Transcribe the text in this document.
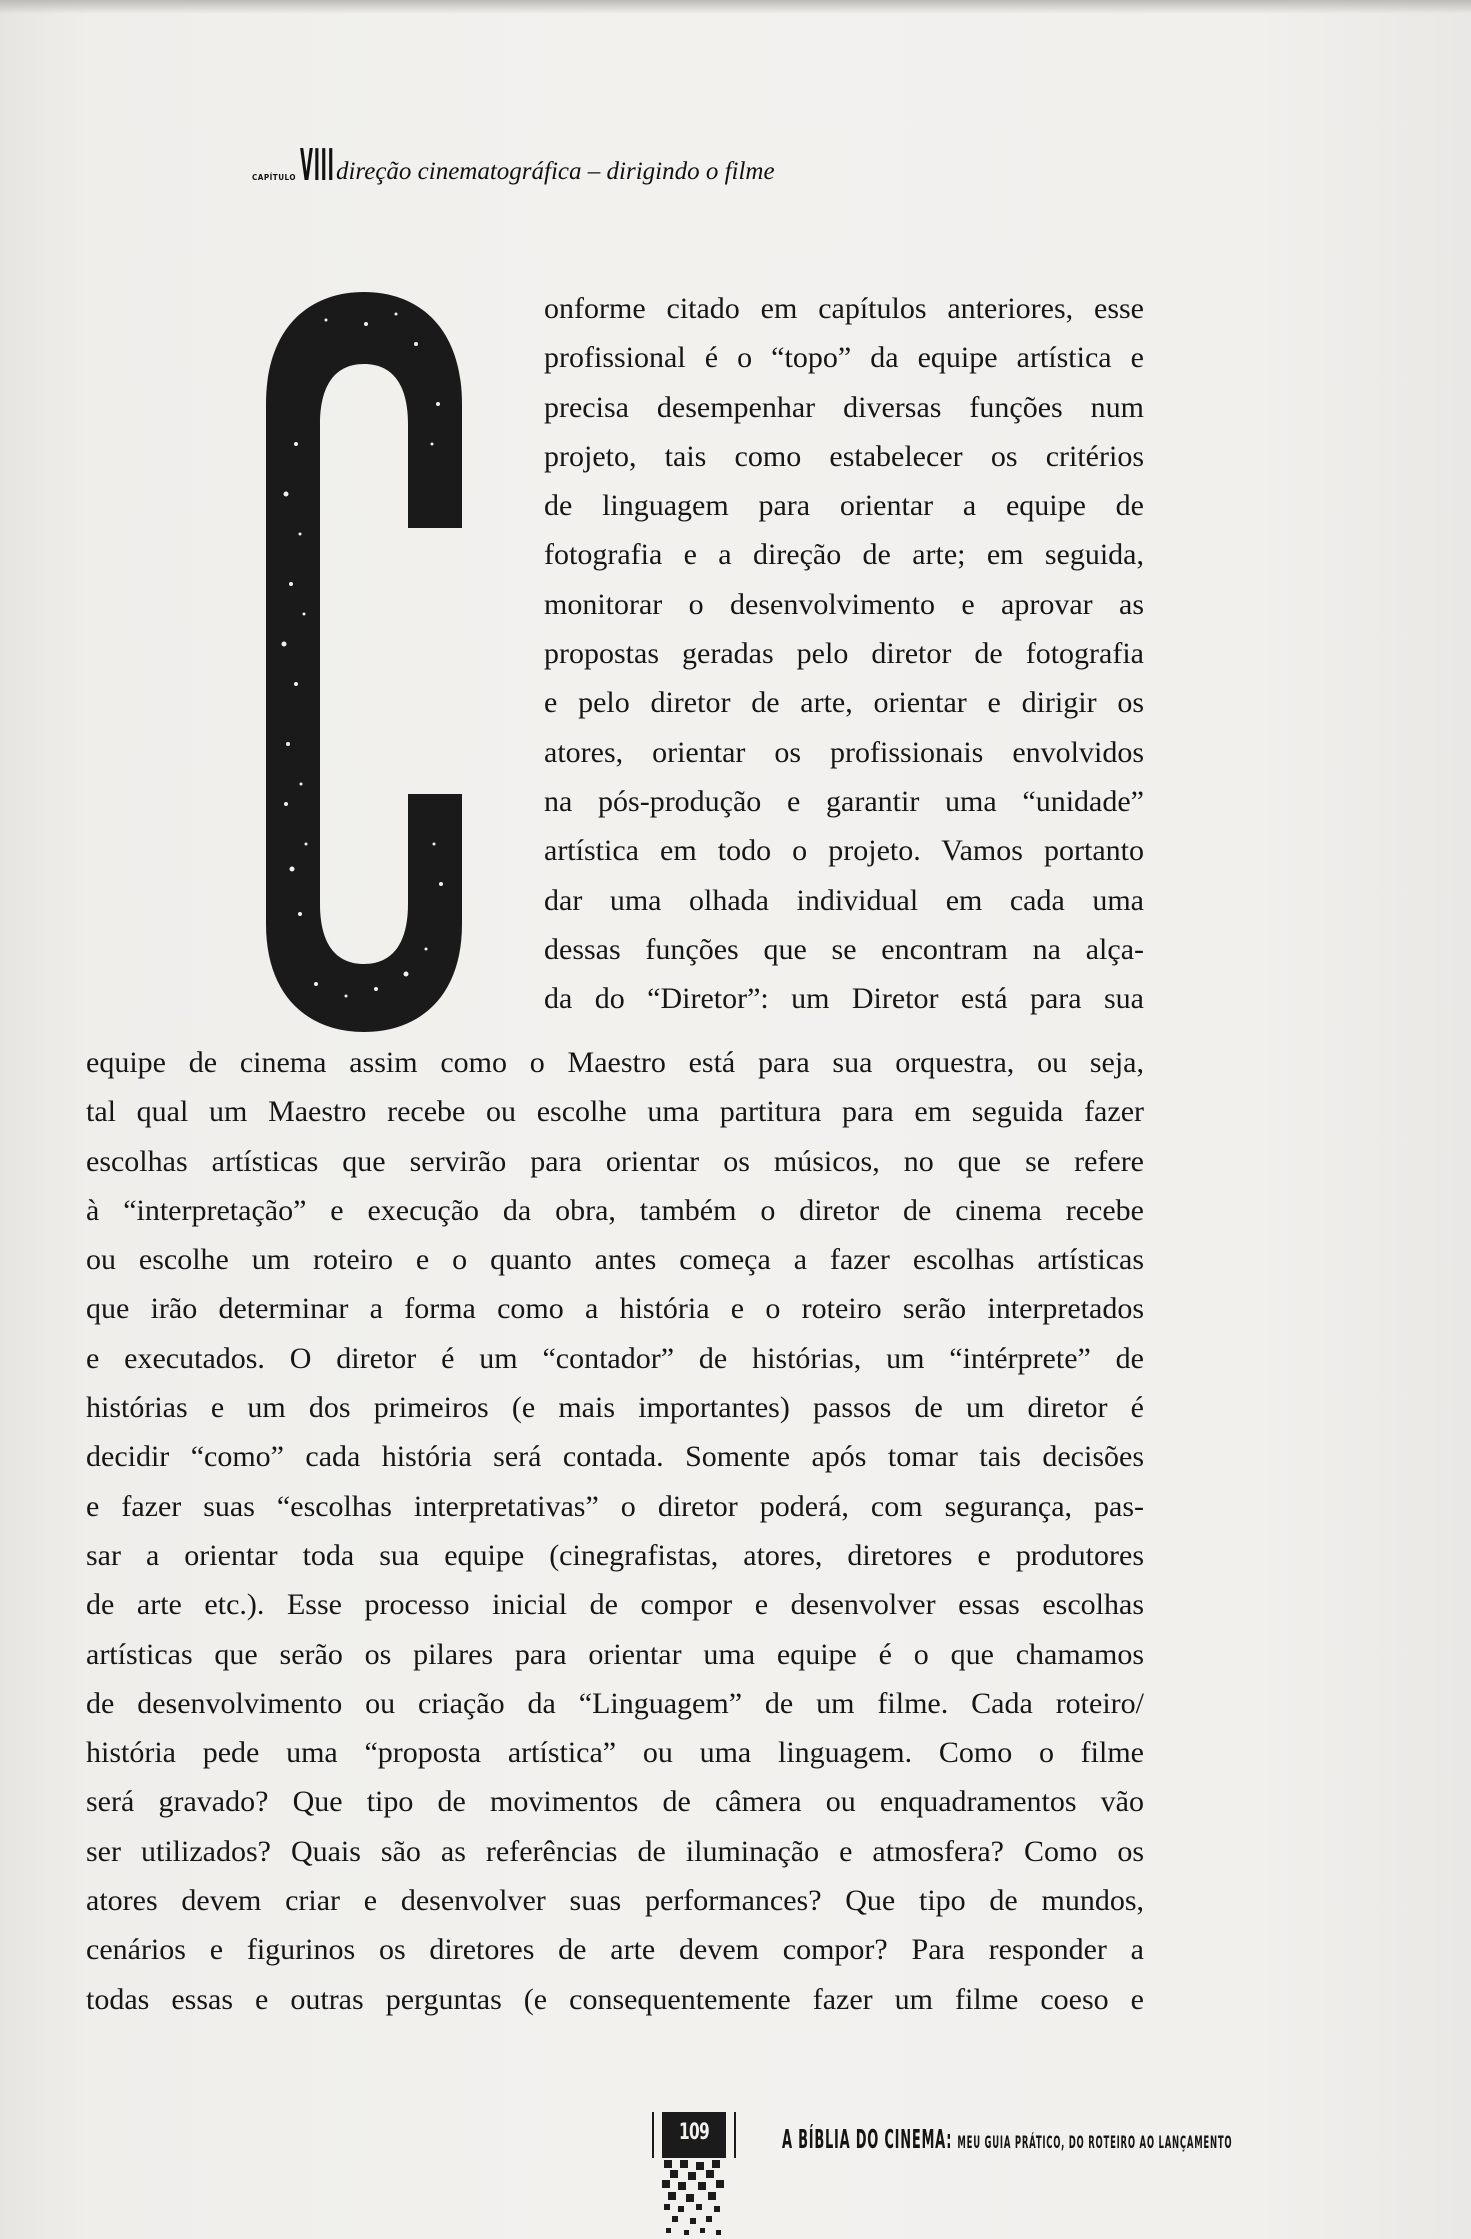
CAPÍTULO VIII direção cinematográfica – dirigindo o filme
onforme citado em capítulos anteriores, esse
profissional é o “topo” da equipe artística e
precisa desempenhar diversas funções num
projeto, tais como estabelecer os critérios
de linguagem para orientar a equipe de
fotografia e a direção de arte; em seguida,
monitorar o desenvolvimento e aprovar as
propostas geradas pelo diretor de fotografia
e pelo diretor de arte, orientar e dirigir os
atores, orientar os profissionais envolvidos
na pós-produção e garantir uma “unidade”
artística em todo o projeto. Vamos portanto
dar uma olhada individual em cada uma
dessas funções que se encontram na alça-
da do “Diretor”: um Diretor está para sua
equipe de cinema assim como o Maestro está para sua orquestra, ou seja,
tal qual um Maestro recebe ou escolhe uma partitura para em seguida fazer
escolhas artísticas que servirão para orientar os músicos, no que se refere
à “interpretação” e execução da obra, também o diretor de cinema recebe
ou escolhe um roteiro e o quanto antes começa a fazer escolhas artísticas
que irão determinar a forma como a história e o roteiro serão interpretados
e executados. O diretor é um “contador” de histórias, um “intérprete” de
histórias e um dos primeiros (e mais importantes) passos de um diretor é
decidir “como” cada história será contada. Somente após tomar tais decisões
e fazer suas “escolhas interpretativas” o diretor poderá, com segurança, pas-
sar a orientar toda sua equipe (cinegrafistas, atores, diretores e produtores
de arte etc.). Esse processo inicial de compor e desenvolver essas escolhas
artísticas que serão os pilares para orientar uma equipe é o que chamamos
de desenvolvimento ou criação da “Linguagem” de um filme. Cada roteiro/
história pede uma “proposta artística” ou uma linguagem. Como o filme
será gravado? Que tipo de movimentos de câmera ou enquadramentos vão
ser utilizados? Quais são as referências de iluminação e atmosfera? Como os
atores devem criar e desenvolver suas performances? Que tipo de mundos,
cenários e figurinos os diretores de arte devem compor? Para responder a
todas essas e outras perguntas (e consequentemente fazer um filme coeso e
109	A BÍBLIA DO CINEMA: MEU GUIA PRÁTICO, DO ROTEIRO AO LANÇAMENTO
